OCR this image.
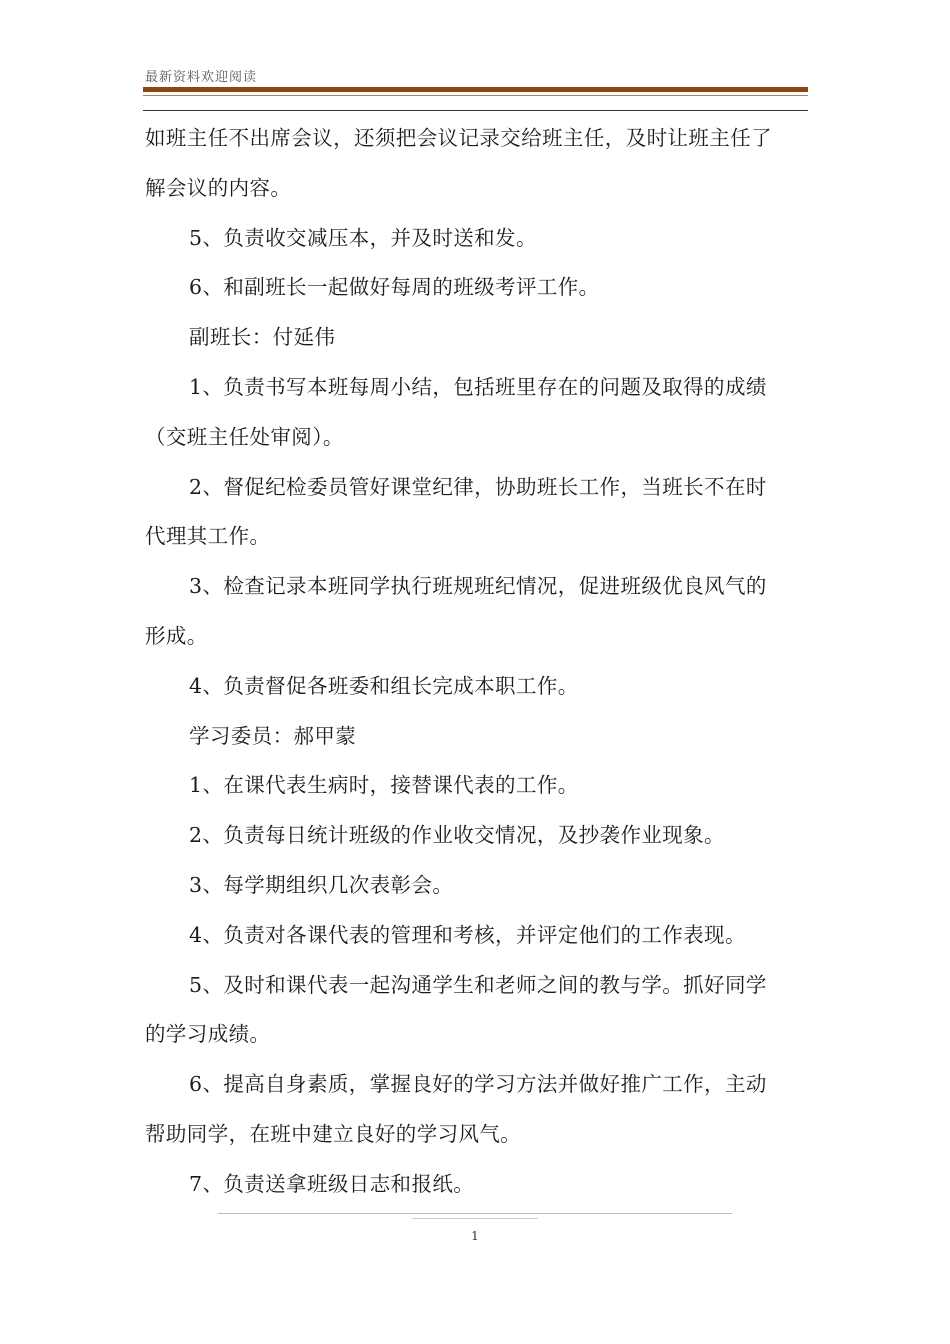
最新资料欢迎阅读
如班主任不出席会议，还须把会议记录交给班主任，及时让班主任了
解会议的内容。
5、负责收交减压本，并及时送和发。
6、和副班长一起做好每周的班级考评工作。
副班长：付延伟
1、负责书写本班每周小结，包括班里存在的问题及取得的成绩
（交班主任处审阅）。
2、督促纪检委员管好课堂纪律，协助班长工作，当班长不在时
代理其工作。
3、检查记录本班同学执行班规班纪情况，促进班级优良风气的
形成。
4、负责督促各班委和组长完成本职工作。
学习委员：郝甲蒙
1、在课代表生病时，接替课代表的工作。
2、负责每日统计班级的作业收交情况，及抄袭作业现象。
3、每学期组织几次表彰会。
4、负责对各课代表的管理和考核，并评定他们的工作表现。
5、及时和课代表一起沟通学生和老师之间的教与学。抓好同学
的学习成绩。
6、提高自身素质，掌握良好的学习方法并做好推广工作，主动
帮助同学，在班中建立良好的学习风气。
7、负责送拿班级日志和报纸。
1
